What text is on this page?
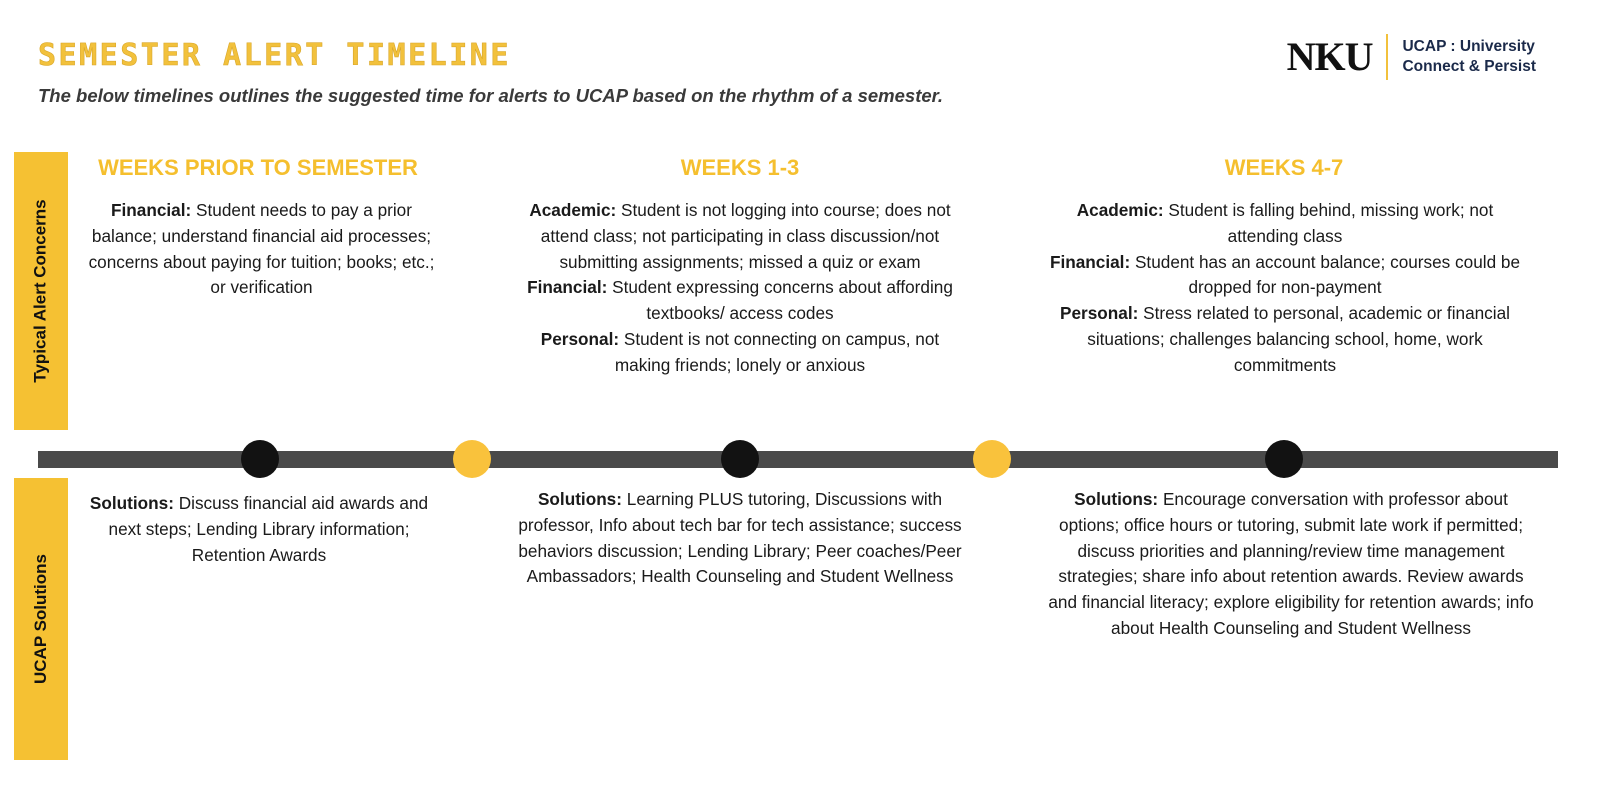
SEMESTER ALERT TIMELINE
The below timelines outlines the suggested time for alerts to UCAP based on the rhythm of a semester.
NKU UCAP : University
Connect & Persist
Typical Alert Concerns
UCAP Solutions
WEEKS PRIOR TO SEMESTER	WEEKS 1-3	WEEKS 4-7
Financial: Student needs to pay a prior balance; understand financial aid processes; concerns about paying for tuition; books; etc.; or verification
Academic: Student is not logging into course; does not attend class; not participating in class discussion/not submitting assignments; missed a quiz or exam
Financial: Student expressing concerns about affording textbooks/ access codes
Personal: Student is not connecting on campus, not making friends; lonely or anxious
Academic: Student is falling behind, missing work; not attending class
Financial: Student has an account balance; courses could be dropped for non-payment
Personal: Stress related to personal, academic or financial situations; challenges balancing school, home, work commitments
Solutions: Discuss financial aid awards and next steps; Lending Library information; Retention Awards
Solutions: Learning PLUS tutoring, Discussions with professor, Info about tech bar for tech assistance; success behaviors discussion; Lending Library; Peer coaches/Peer Ambassadors; Health Counseling and Student Wellness
Solutions: Encourage conversation with professor about options; office hours or tutoring, submit late work if permitted; discuss priorities and planning/review time management strategies; share info about retention awards. Review awards and financial literacy; explore eligibility for retention awards; info about Health Counseling and Student Wellness
